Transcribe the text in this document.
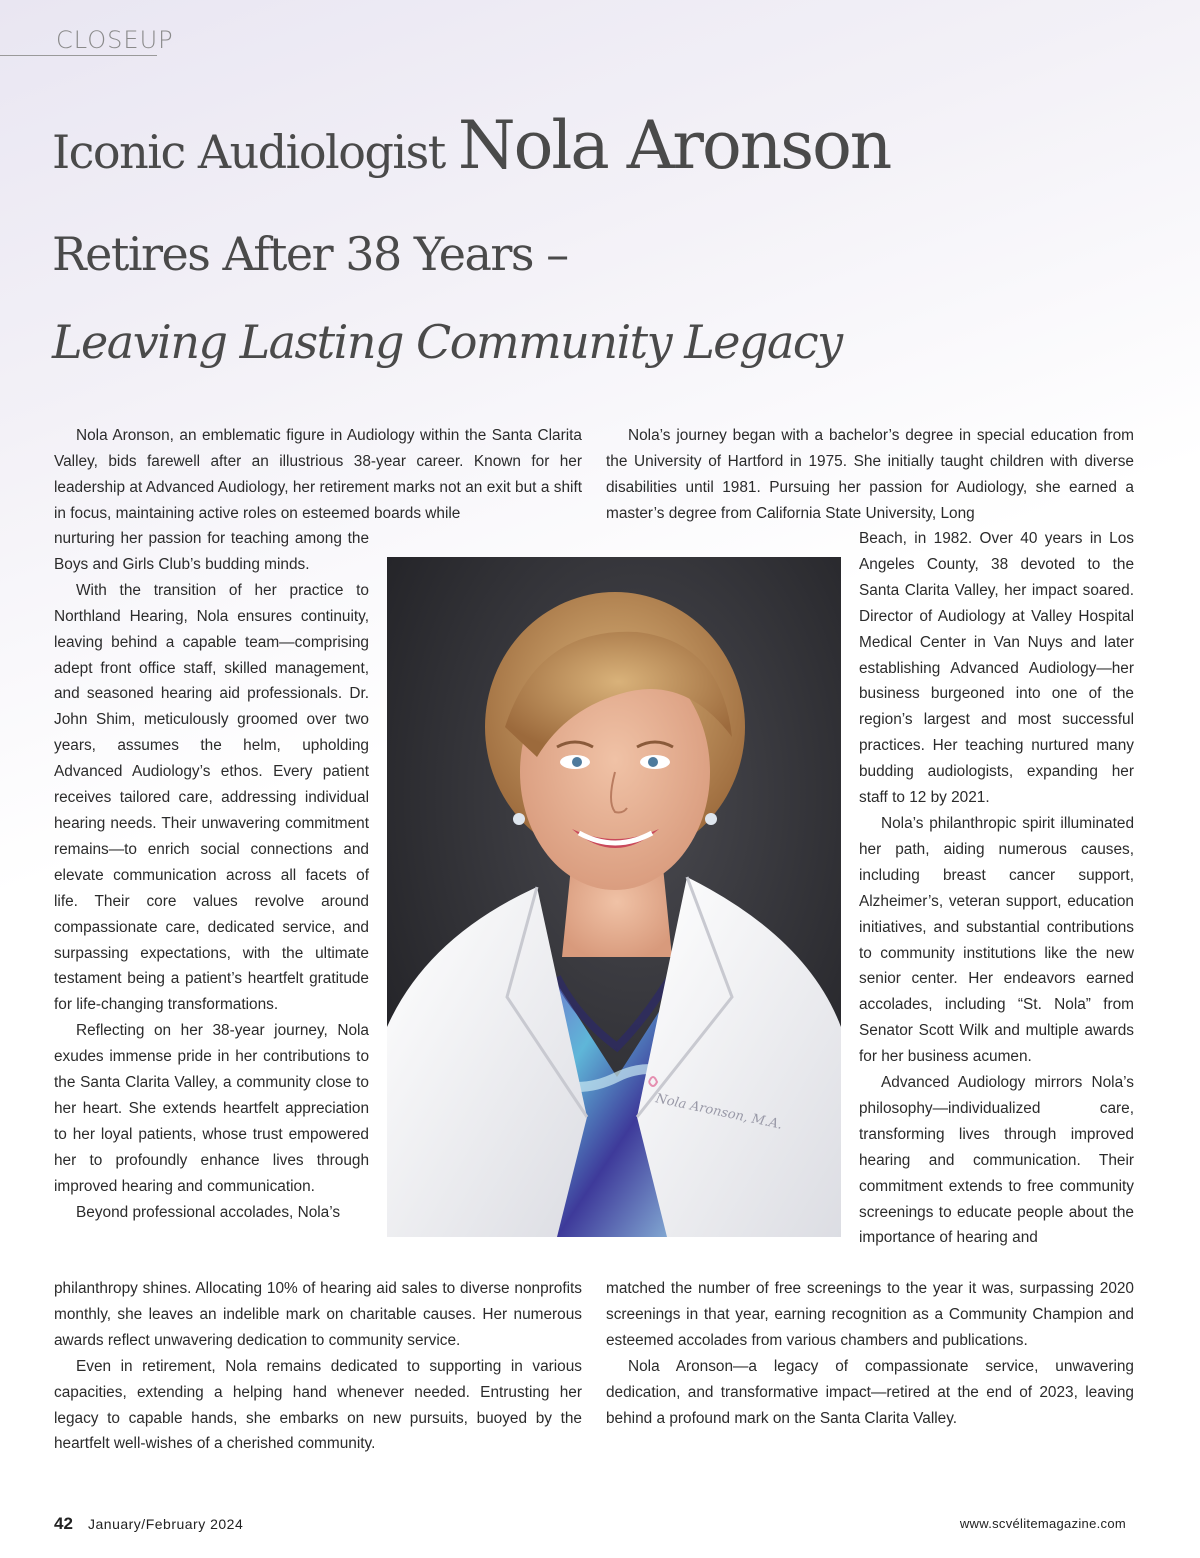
CLOSEUP
Iconic Audiologist Nola Aronson
Retires After 38 Years –
Leaving Lasting Community Legacy

Nola Aronson, an emblematic figure in Audiology within the Santa Clarita Valley, bids farewell after an illustrious 38-year career. Known for her leadership at Advanced Audiology, her retirement marks not an exit but a shift in focus, maintaining active roles on esteemed boards while

nurturing her passion for teaching among the Boys and Girls Club’s budding minds.

With the transition of her practice to Northland Hearing, Nola ensures continuity, leaving behind a capable team—comprising adept front office staff, skilled management, and seasoned hearing aid professionals. Dr. John Shim, meticulously groomed over two years, assumes the helm, upholding Advanced Audiology’s ethos. Every patient receives tailored care, addressing individual hearing needs. Their unwavering commitment remains—to enrich social connections and elevate communication across all facets of life. Their core values revolve around compassionate care, dedicated service, and surpassing expectations, with the ultimate testament being a patient’s heartfelt gratitude for life-changing transformations.

Reflecting on her 38-year journey, Nola exudes immense pride in her contributions to the Santa Clarita Valley, a community close to her heart. She extends heartfelt appreciation to her loyal patients, whose trust empowered her to profoundly enhance lives through improved hearing and communication.

Beyond professional accolades, Nola’s

philanthropy shines. Allocating 10% of hearing aid sales to diverse nonprofits monthly, she leaves an indelible mark on charitable causes. Her numerous awards reflect unwavering dedication to community service.

Even in retirement, Nola remains dedicated to supporting in various capacities, extending a helping hand whenever needed. Entrusting her legacy to capable hands, she embarks on new pursuits, buoyed by the heartfelt well-wishes of a cherished community.

Nola’s journey began with a bachelor’s degree in special education from the University of Hartford in 1975. She initially taught children with diverse disabilities until 1981. Pursuing her passion for Audiology, she earned a master’s degree from California State University, Long

Beach, in 1982. Over 40 years in Los Angeles County, 38 devoted to the Santa Clarita Valley, her impact soared. Director of Audiology at Valley Hospital Medical Center in Van Nuys and later establishing Advanced Audiology—her business burgeoned into one of the region’s largest and most successful practices. Her teaching nurtured many budding audiologists, expanding her staff to 12 by 2021.

Nola’s philanthropic spirit illuminated her path, aiding numerous causes, including breast cancer support, Alzheimer’s, veteran support, education initiatives, and substantial contributions to community institutions like the new senior center. Her endeavors earned accolades, including “St. Nola” from Senator Scott Wilk and multiple awards for her business acumen.

Advanced Audiology mirrors Nola’s philosophy—individualized care, transforming lives through improved hearing and communication. Their commitment extends to free community screenings to educate people about the importance of hearing and

matched the number of free screenings to the year it was, surpassing 2020 screenings in that year, earning recognition as a Community Champion and esteemed accolades from various chambers and publications.

Nola Aronson—a legacy of compassionate service, unwavering dedication, and transformative impact—retired at the end of 2023, leaving behind a profound mark on the Santa Clarita Valley.

Nola Aronson, M.A.
42 January/February 2024	www.scvélitemagazine.com
